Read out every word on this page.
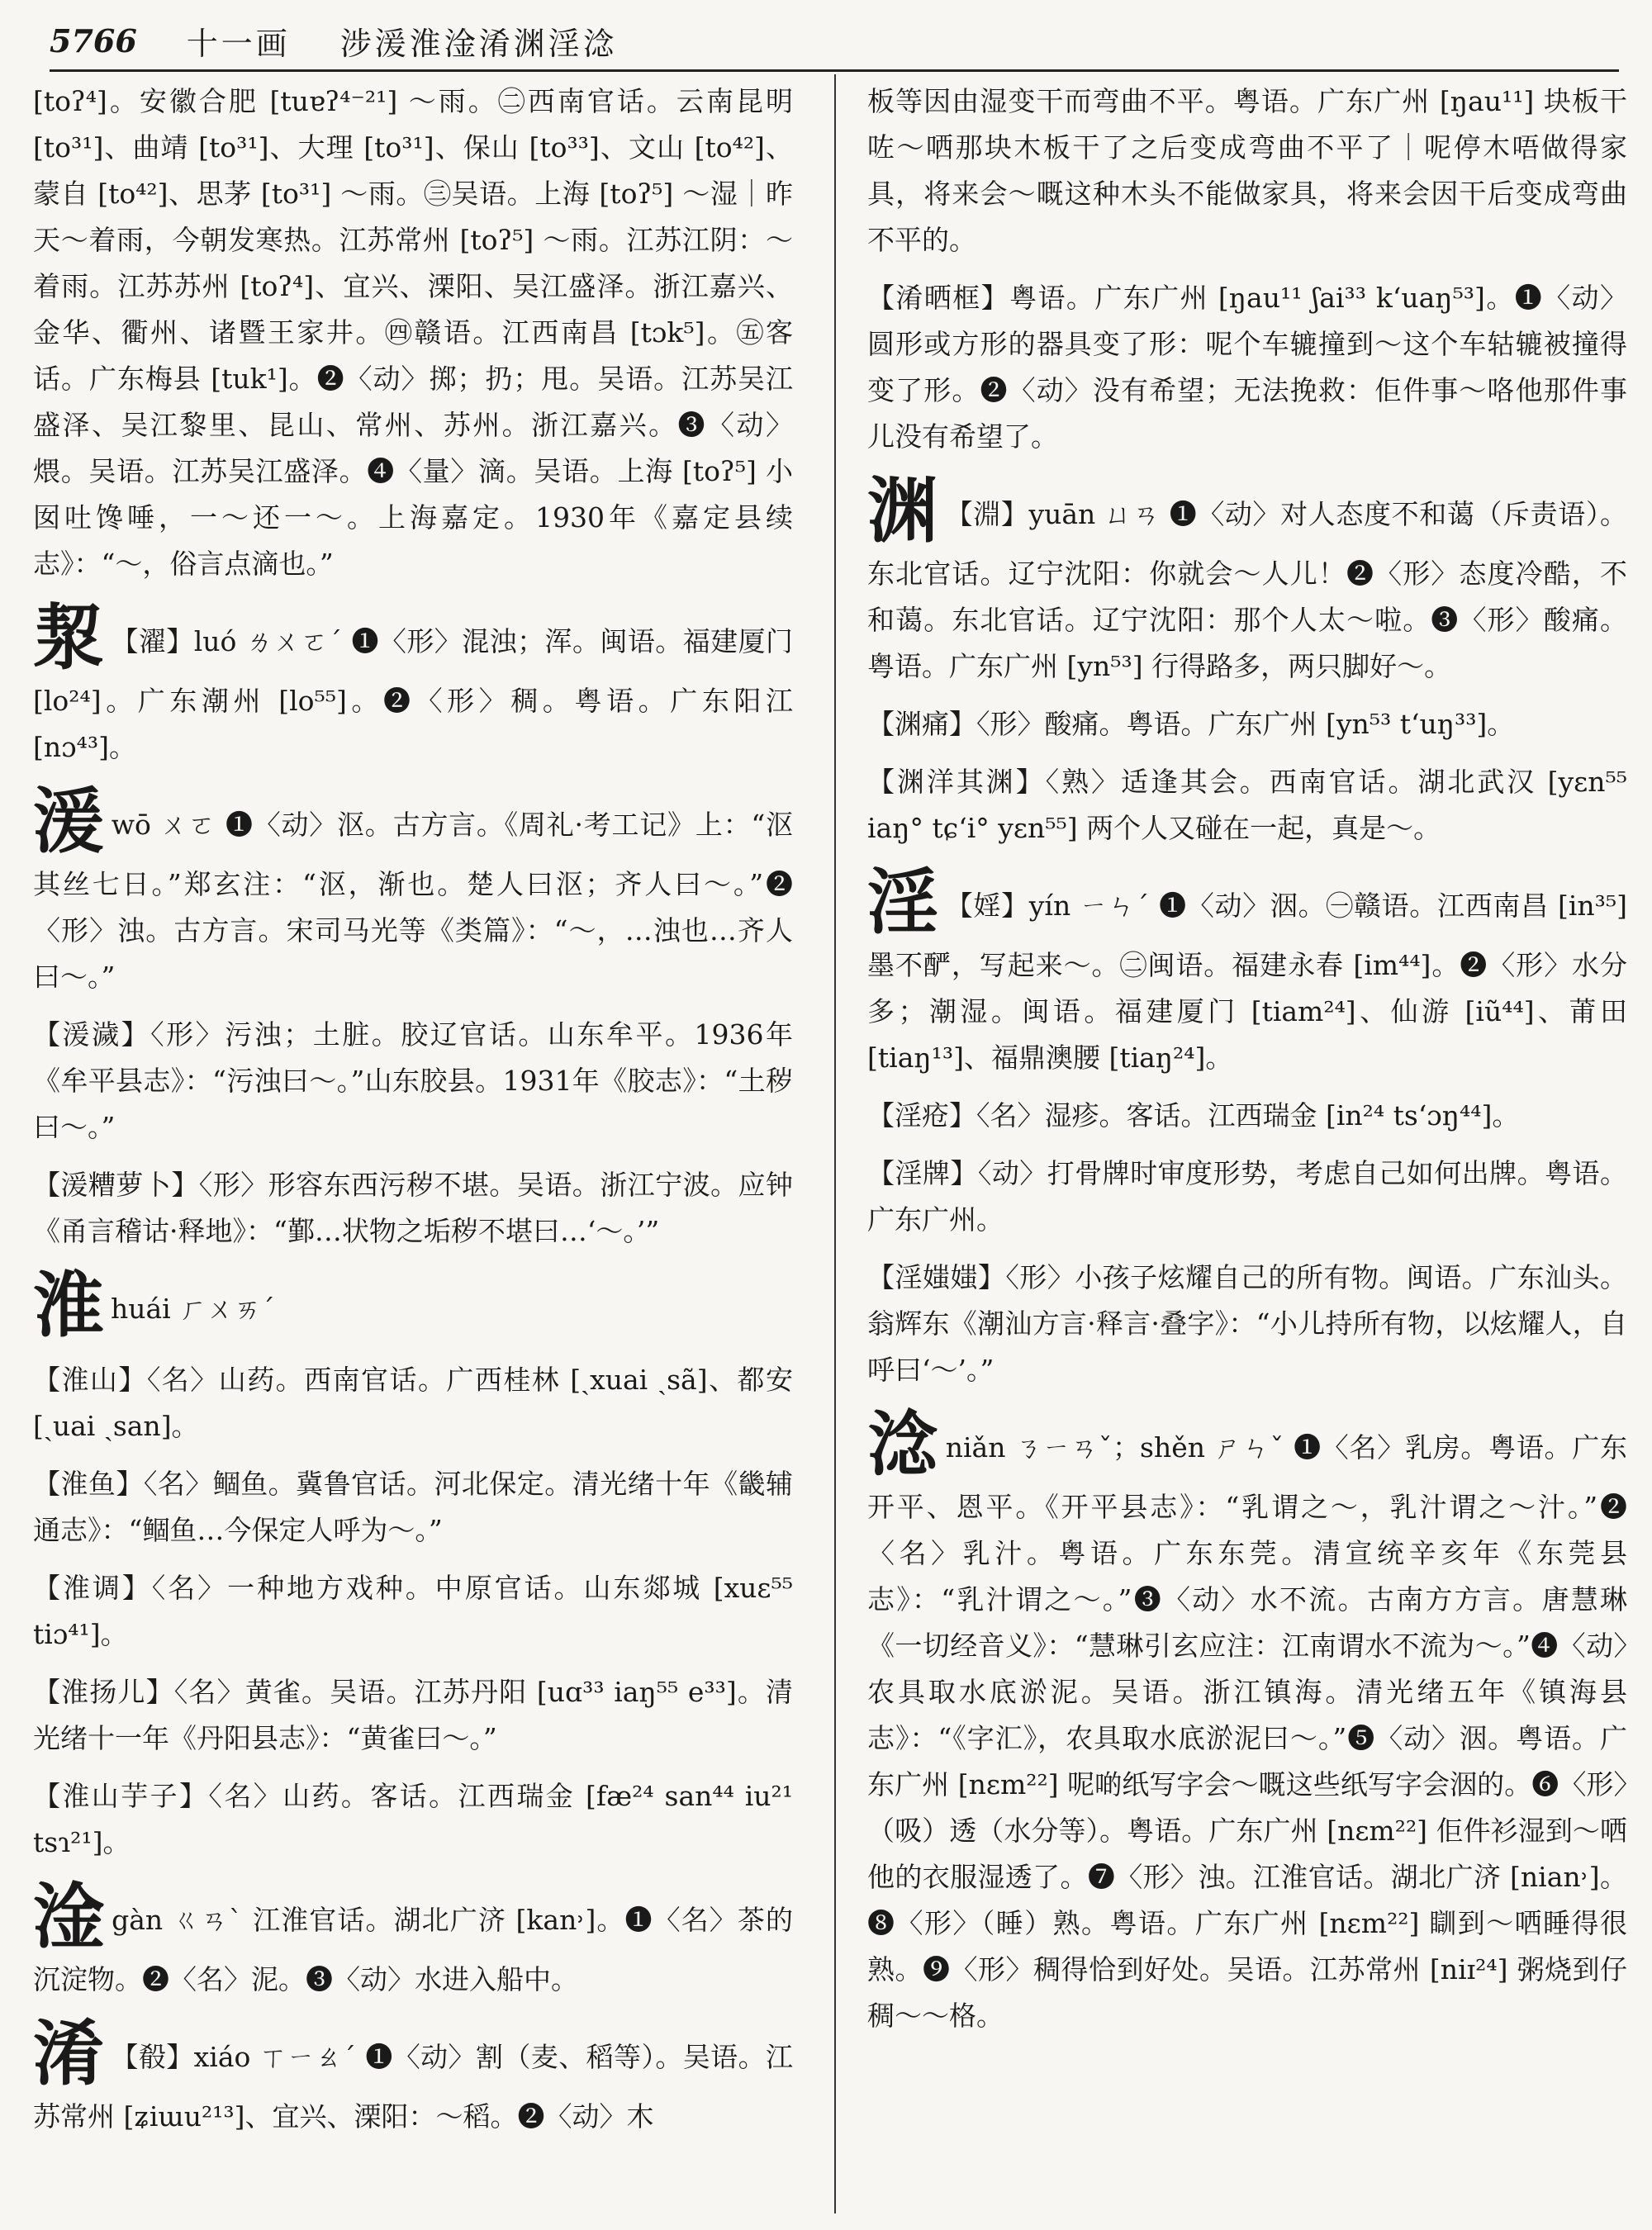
5766 十一画 涉湲淮淦淆渊淫淰
[toʔ⁴]。安徽合肥 [tuɐʔ⁴⁻²¹] ～雨。㊁西南官话。云南昆明 [to³¹]、曲靖 [to³¹]、大理 [to³¹]、保山 [to³³]、文山 [to⁴²]、蒙自 [to⁴²]、思茅 [to³¹] ～雨。㊂吴语。上海 [toʔ⁵] ～湿｜昨天～着雨，今朝发寒热。江苏常州 [toʔ⁵] ～雨。江苏江阴：～着雨。江苏苏州 [toʔ⁴]、宜兴、溧阳、吴江盛泽。浙江嘉兴、金华、衢州、诸暨王家井。㊃赣语。江西南昌 [tɔk⁵]。㊄客话。广东梅县 [tuk¹]。❷〈动〉掷；扔；甩。吴语。江苏吴江盛泽、吴江黎里、昆山、常州、苏州。浙江嘉兴。❸〈动〉煨。吴语。江苏吴江盛泽。❹〈量〉滴。吴语。上海 [toʔ⁵] 小囡吐馋唾，一～还一～。上海嘉定。1930年《嘉定县续志》：“～，俗言点滴也。”
洯 【濯】luó ㄌㄨㄛˊ ❶〈形〉混浊；浑。闽语。福建厦门 [lo²⁴]。广东潮州 [lo⁵⁵]。❷〈形〉稠。粤语。广东阳江 [nɔ⁴³]。
湲wō ㄨㄛ ❶〈动〉沤。古方言。《周礼·考工记》上：“沤其丝七日。”郑玄注：“沤，渐也。楚人曰沤；齐人曰～。”❷〈形〉浊。古方言。宋司马光等《类篇》：“～，…浊也…齐人曰～。”
【湲濊】〈形〉污浊；土脏。胶辽官话。山东牟平。1936年《牟平县志》：“污浊曰～。”山东胶县。1931年《胶志》：“土秽曰～。”
【湲糟萝卜】〈形〉形容东西污秽不堪。吴语。浙江宁波。应钟《甬言稽诂·释地》：“鄞…状物之垢秽不堪曰…‘～。’”
淮huái ㄏㄨㄞˊ
【淮山】〈名〉山药。西南官话。广西桂林 [ˏxuai ˏsã]、都安 [ˏuai ˏsan]。
【淮鱼】〈名〉鲴鱼。冀鲁官话。河北保定。清光绪十年《畿辅通志》：“鲴鱼…今保定人呼为～。”
【淮调】〈名〉一种地方戏种。中原官话。山东郯城 [xuɛ⁵⁵ tiɔ⁴¹]。
【淮扬儿】〈名〉黄雀。吴语。江苏丹阳 [uɑ³³ iaŋ⁵⁵ e³³]。清光绪十一年《丹阳县志》：“黄雀曰～。”
【淮山芋子】〈名〉山药。客话。江西瑞金 [fæ²⁴ san⁴⁴ iu²¹ tsɿ²¹]。
淦gàn ㄍㄢˋ 江淮官话。湖北广济 [kan˒]。❶〈名〉茶的沉淀物。❷〈名〉泥。❸〈动〉水进入船中。
淆 【殽】xiáo ㄒㄧㄠˊ ❶〈动〉割（麦、稻等）。吴语。江苏常州 [ʑiɯu²¹³]、宜兴、溧阳：～稻。❷〈动〉木
板等因由湿变干而弯曲不平。粤语。广东广州 [ŋau¹¹] 块板干咗～哂那块木板干了之后变成弯曲不平了｜呢停木唔做得家具，将来会～嘅这种木头不能做家具，将来会因干后变成弯曲不平的。
【淆晒框】粤语。广东广州 [ŋau¹¹ ʃai³³ kʻuaŋ⁵³]。❶〈动〉圆形或方形的器具变了形：呢个车辘撞到～这个车轱辘被撞得变了形。❷〈动〉没有希望；无法挽救：佢件事～咯他那件事儿没有希望了。
渊 【淵】yuān ㄩㄢ ❶〈动〉对人态度不和蔼（斥责语）。东北官话。辽宁沈阳：你就会～人儿！❷〈形〉态度冷酷，不和蔼。东北官话。辽宁沈阳：那个人太～啦。❸〈形〉酸痛。粤语。广东广州 [yn⁵³] 行得路多，两只脚好～。
【渊痛】〈形〉酸痛。粤语。广东广州 [yn⁵³ tʻuŋ³³]。
【渊洋其渊】〈熟〉适逢其会。西南官话。湖北武汉 [yɛn⁵⁵ iaŋ° tɕʻi° yɛn⁵⁵] 两个人又碰在一起，真是～。
淫 【婬】yín ㄧㄣˊ ❶〈动〉洇。㊀赣语。江西南昌 [in³⁵] 墨不酽，写起来～。㊁闽语。福建永春 [im⁴⁴]。❷〈形〉水分多；潮湿。闽语。福建厦门 [tiam²⁴]、仙游 [iũ⁴⁴]、莆田 [tiaŋ¹³]、福鼎澳腰 [tiaŋ²⁴]。
【淫疮】〈名〉湿疹。客话。江西瑞金 [in²⁴ tsʻɔŋ⁴⁴]。
【淫牌】〈动〉打骨牌时审度形势，考虑自己如何出牌。粤语。广东广州。
【淫媸媸】〈形〉小孩子炫耀自己的所有物。闽语。广东汕头。翁辉东《潮汕方言·释言·叠字》：“小儿持所有物，以炫耀人，自呼曰‘～’。”
淰niǎn ㄋㄧㄢˇ；shěn ㄕㄣˇ ❶〈名〉乳房。粤语。广东开平、恩平。《开平县志》：“乳谓之～，乳汁谓之～汁。”❷〈名〉乳汁。粤语。广东东莞。清宣统辛亥年《东莞县志》：“乳汁谓之～。”❸〈动〉水不流。古南方方言。唐慧琳《一切经音义》：“慧琳引玄应注：江南谓水不流为～。”❹〈动〉农具取水底淤泥。吴语。浙江镇海。清光绪五年《镇海县志》：“《字汇》，农具取水底淤泥曰～。”❺〈动〉洇。粤语。广东广州 [nɛm²²] 呢啲纸写字会～嘅这些纸写字会洇的。❻〈形〉（吸）透（水分等）。粤语。广东广州 [nɛm²²] 佢件衫湿到～哂他的衣服湿透了。❼〈形〉浊。江淮官话。湖北广济 [nian˒]。❽〈形〉（睡）熟。粤语。广东广州 [nɛm²²] 瞓到～哂睡得很熟。❾〈形〉稠得恰到好处。吴语。江苏常州 [niɪ²⁴] 粥烧到仔稠～～格。
